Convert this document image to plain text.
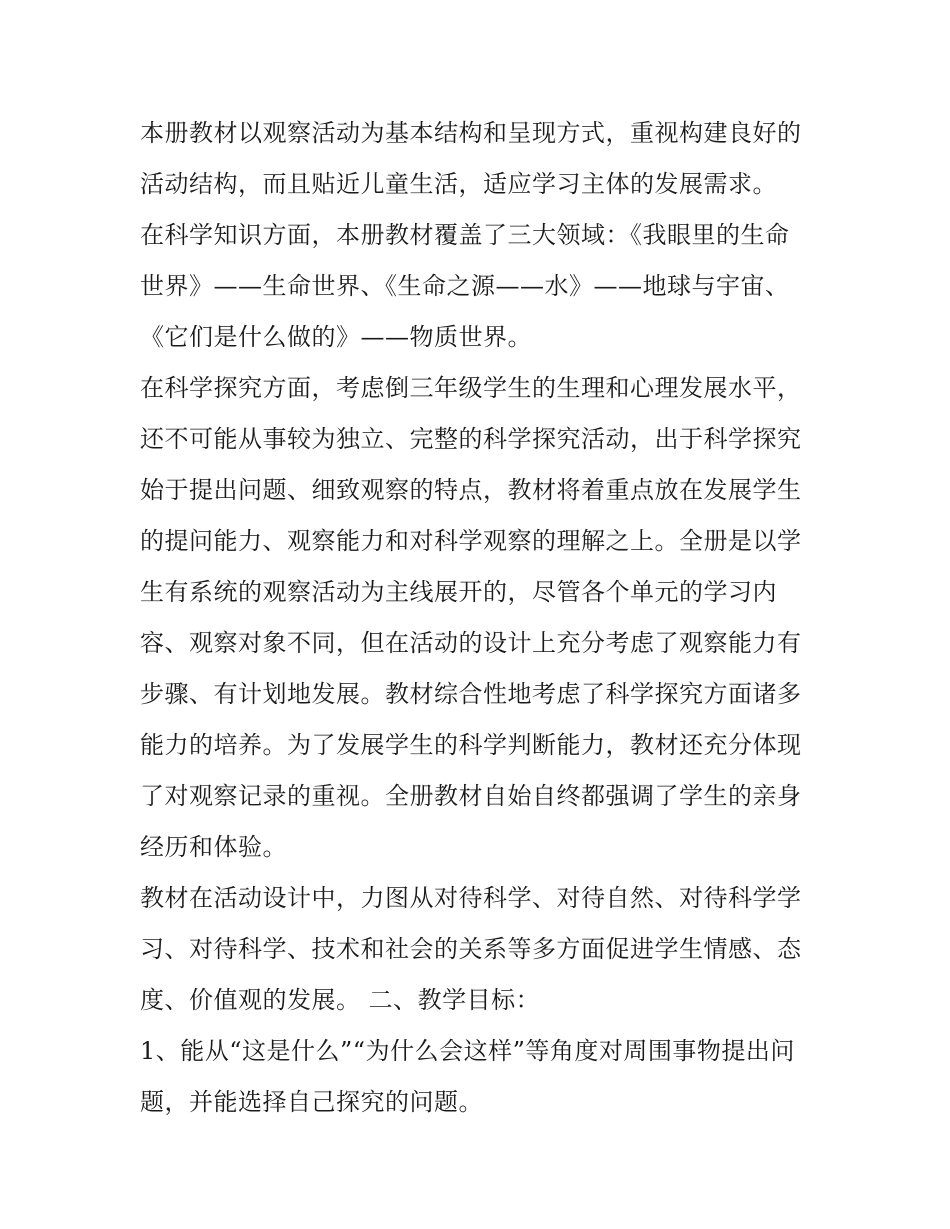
本册教材以观察活动为基本结构和呈现方式，重视构建良好的
活动结构，而且贴近儿童生活，适应学习主体的发展需求。
在科学知识方面，本册教材覆盖了三大领域：《我眼里的生命
世界》——生命世界、《生命之源——水》——地球与宇宙、
《它们是什么做的》——物质世界。
在科学探究方面，考虑倒三年级学生的生理和心理发展水平，
还不可能从事较为独立、完整的科学探究活动，出于科学探究
始于提出问题、细致观察的特点，教材将着重点放在发展学生
的提问能力、观察能力和对科学观察的理解之上。全册是以学
生有系统的观察活动为主线展开的，尽管各个单元的学习内
容、观察对象不同，但在活动的设计上充分考虑了观察能力有
步骤、有计划地发展。教材综合性地考虑了科学探究方面诸多
能力的培养。为了发展学生的科学判断能力，教材还充分体现
了对观察记录的重视。全册教材自始自终都强调了学生的亲身
经历和体验。
教材在活动设计中，力图从对待科学、对待自然、对待科学学
习、对待科学、技术和社会的关系等多方面促进学生情感、态
度、价值观的发展。 二、教学目标：
1、能从“这是什么”“为什么会这样”等角度对周围事物提出问
题，并能选择自己探究的问题。
